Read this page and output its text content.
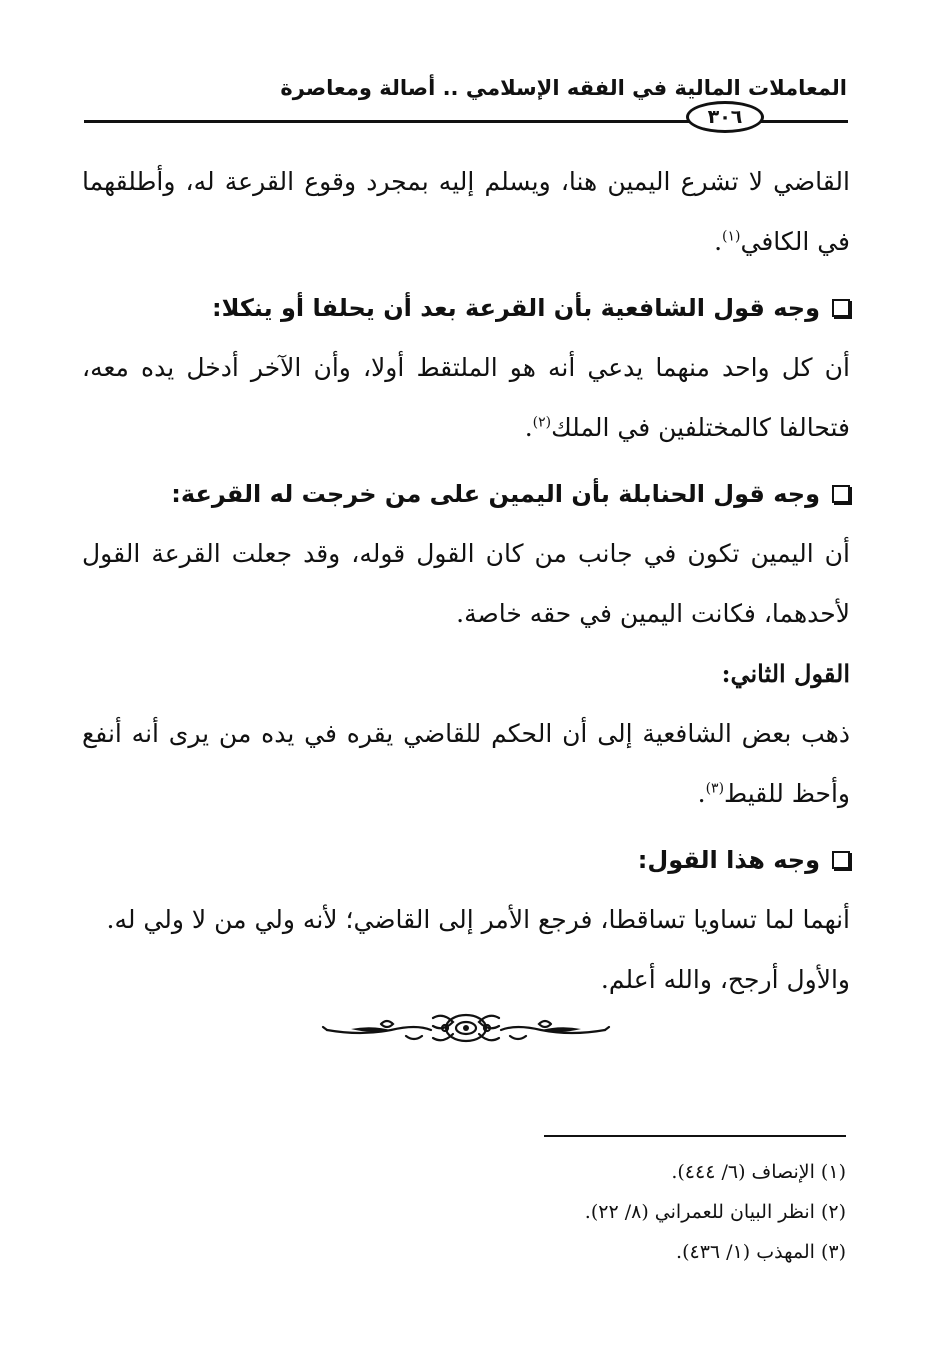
المعاملات المالية في الفقه الإسلامي .. أصالة ومعاصرة
٣٠٦

القاضي لا تشرع اليمين هنا، ويسلم إليه بمجرد وقوع القرعة له، وأطلقهما في الكافي$^{(١)}$.

وجه قول الشافعية بأن القرعة بعد أن يحلفا أو ينكلا:

أن كل واحد منهما يدعي أنه هو الملتقط أولا، وأن الآخر أدخل يده معه، فتحالفا كالمختلفين في الملك$^{(٢)}$.

وجه قول الحنابلة بأن اليمين على من خرجت له القرعة:

أن اليمين تكون في جانب من كان القول قوله، وقد جعلت القرعة القول لأحدهما، فكانت اليمين في حقه خاصة.

القول الثاني:

ذهب بعض الشافعية إلى أن الحكم للقاضي يقره في يده من يرى أنه أنفع وأحظ للقيط$^{(٣)}$.

وجه هذا القول:

أنهما لما تساويا تساقطا، فرجع الأمر إلى القاضي؛ لأنه ولي من لا ولي له.

والأول أرجح، والله أعلم.

(١) الإنصاف (٦/ ٤٤٤).

(٢) انظر البيان للعمراني (٨/ ٢٢).

(٣) المهذب (١/ ٤٣٦).
